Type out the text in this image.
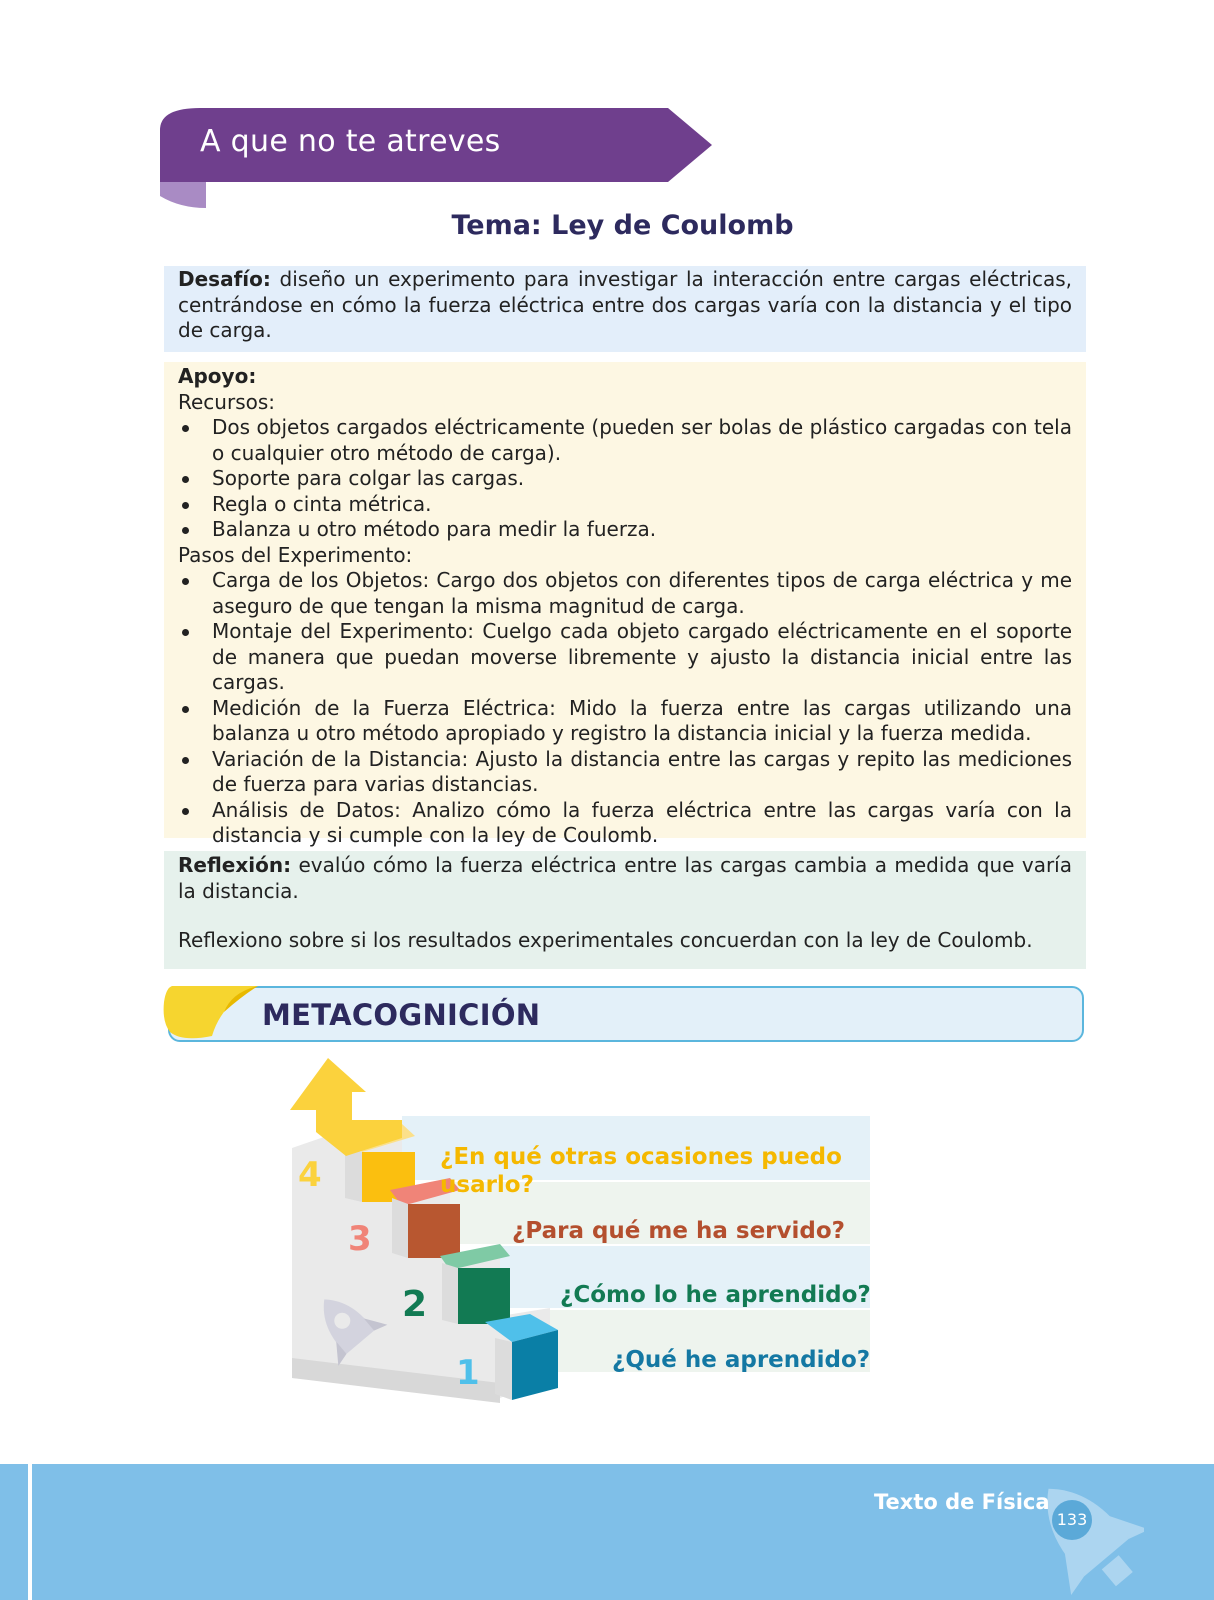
A que no te atreves
Tema: Ley de Coulomb
Desafío: diseño un experimento para investigar la interacción entre cargas eléctricas, centrándose en cómo la fuerza eléctrica entre dos cargas varía con la distancia y el tipo de carga.
Apoyo:
Recursos:
Dos objetos cargados eléctricamente (pueden ser bolas de plástico cargadas con tela o cualquier otro método de carga).
Soporte para colgar las cargas.
Regla o cinta métrica.
Balanza u otro método para medir la fuerza.
Pasos del Experimento:
Carga de los Objetos: Cargo dos objetos con diferentes tipos de carga eléctrica y me aseguro de que tengan la misma magnitud de carga.
Montaje del Experimento: Cuelgo cada objeto cargado eléctricamente en el soporte de manera que puedan moverse libremente y ajusto la distancia inicial entre las cargas.
Medición de la Fuerza Eléctrica: Mido la fuerza entre las cargas utilizando una balanza u otro método apropiado y registro la distancia inicial y la fuerza medida.
Variación de la Distancia: Ajusto la distancia entre las cargas y repito las mediciones de fuerza para varias distancias.
Análisis de Datos: Analizo cómo la fuerza eléctrica entre las cargas varía con la distancia y si cumple con la ley de Coulomb.
Reflexión: evalúo cómo la fuerza eléctrica entre las cargas cambia a medida que varía la distancia.
Reflexiono sobre si los resultados experimentales concuerdan con la ley de Coulomb.
METACOGNICIÓN
4
3
2
1
¿En qué otras ocasiones puedo usarlo?
¿Para qué me ha servido?
¿Cómo lo he aprendido?
¿Qué he aprendido?
Texto de Física
133
